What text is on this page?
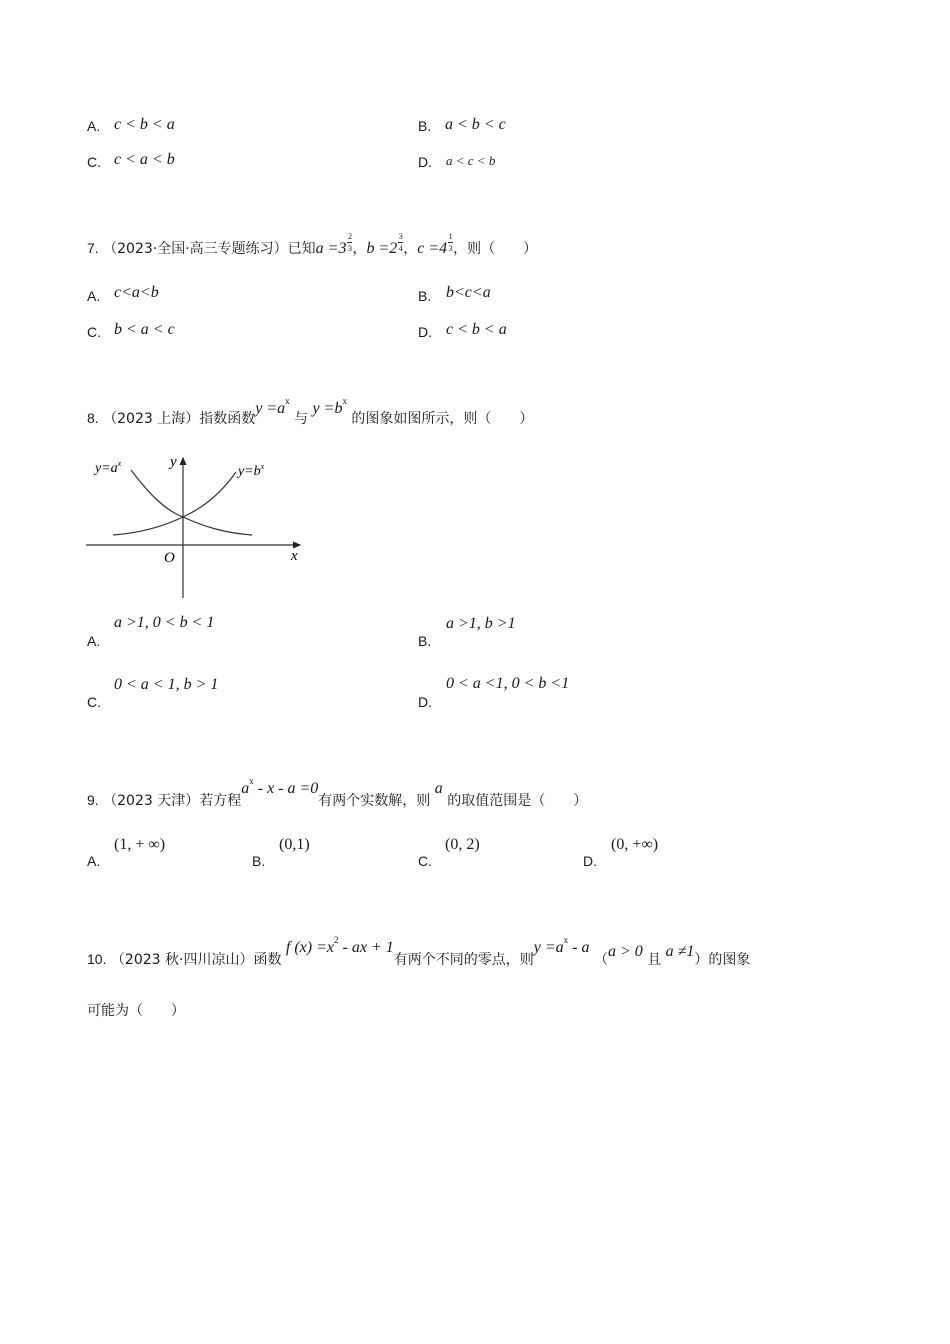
A. c < b < a	B. a < b < c
C. c < a < b	D. a < c < b
7. （2023·全国·高三专题练习）已知$a =3 \frac{2}{3}$ ，$b =2 \frac{3}{4}$ ，$c =4 \frac{1}{3}$ ，则（　　）
A. c<a<b	B. b<c<a
C. b < a < c	D. c < b < a
8. （2023 上海）指数函数$y =a^x$ 与 $y =b^x$ 的图象如图所示，则（　　）
$y=a^x$
$y=b^x$
y
x
O
A.
a >1, 0 < b < 1
B.
a >1, b >1
C.
0 < a < 1, b > 1
D.
0 < a <1, 0 < b <1
9. （2023 天津）若方程$a^x - x - a =0$有两个实数解，则 a 的取值范围是（　　）
A.
(1, + ∞)
B.
(0,1)
C.
(0, 2)
D.
(0, +∞)
10. （2023 秋·四川凉山）函数 f $(x) =x^2$ - ax + 1有两个不同的零点，则$y =a^x - a$ （a > 0 且 a ≠1）的图象
可能为（　　）
